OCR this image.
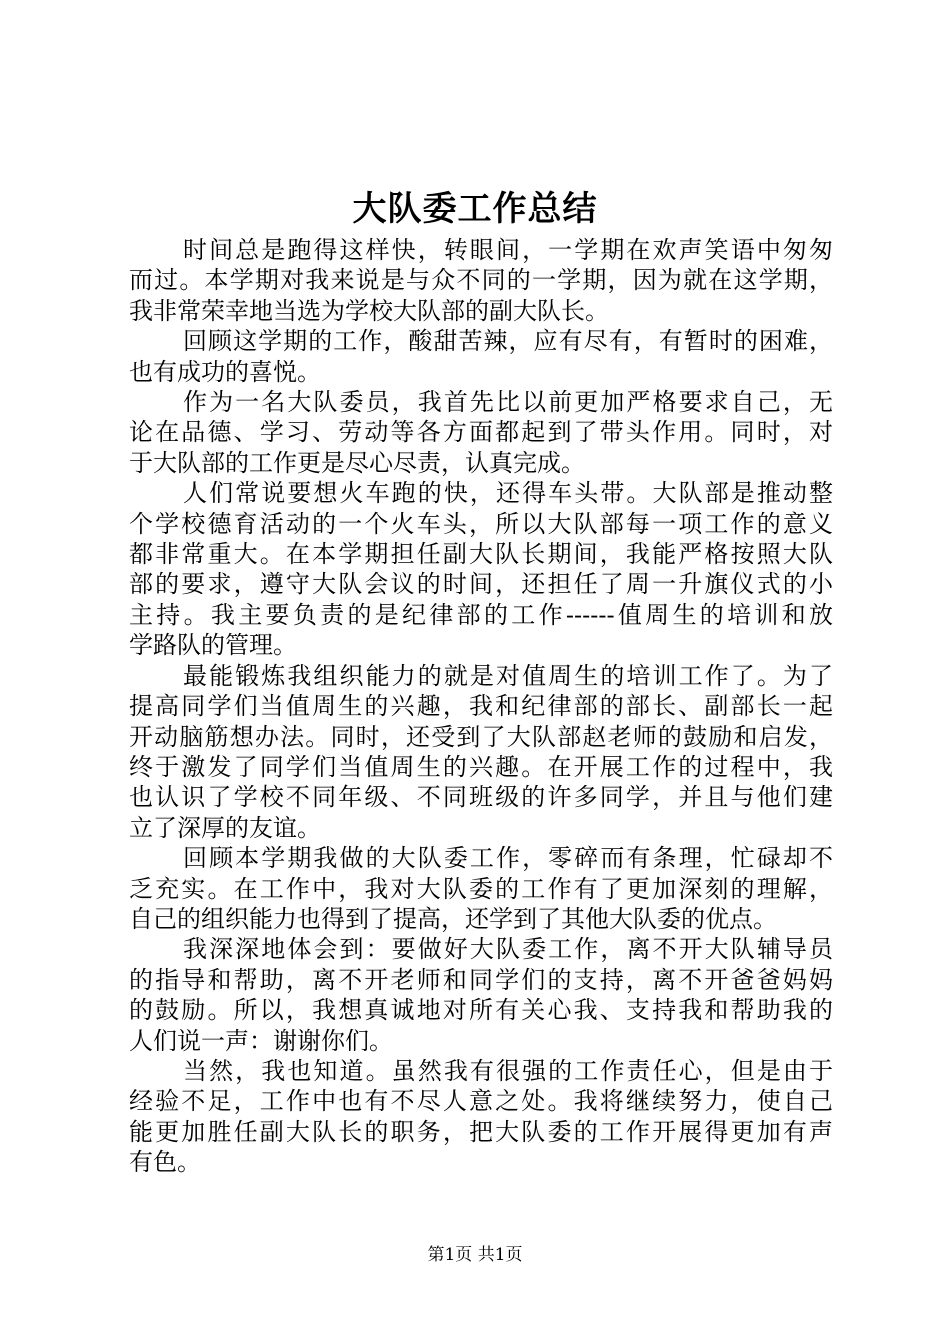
大队委工作总结
时间总是跑得这样快，转眼间，一学期在欢声笑语中匆匆
而过。本学期对我来说是与众不同的一学期，因为就在这学期，
我非常荣幸地当选为学校大队部的副大队长。
回顾这学期的工作，酸甜苦辣，应有尽有，有暂时的困难，
也有成功的喜悦。
作为一名大队委员，我首先比以前更加严格要求自己，无
论在品德、学习、劳动等各方面都起到了带头作用。同时，对
于大队部的工作更是尽心尽责，认真完成。
人们常说要想火车跑的快，还得车头带。大队部是推动整
个学校德育活动的一个火车头，所以大队部每一项工作的意义
都非常重大。在本学期担任副大队长期间，我能严格按照大队
部的要求，遵守大队会议的时间，还担任了周一升旗仪式的小
主持。我主要负责的是纪律部的工作------值周生的培训和放
学路队的管理。
最能锻炼我组织能力的就是对值周生的培训工作了。为了
提高同学们当值周生的兴趣，我和纪律部的部长、副部长一起
开动脑筋想办法。同时，还受到了大队部赵老师的鼓励和启发，
终于激发了同学们当值周生的兴趣。在开展工作的过程中，我
也认识了学校不同年级、不同班级的许多同学，并且与他们建
立了深厚的友谊。
回顾本学期我做的大队委工作，零碎而有条理，忙碌却不
乏充实。在工作中，我对大队委的工作有了更加深刻的理解，
自己的组织能力也得到了提高，还学到了其他大队委的优点。
我深深地体会到：要做好大队委工作，离不开大队辅导员
的指导和帮助，离不开老师和同学们的支持，离不开爸爸妈妈
的鼓励。所以，我想真诚地对所有关心我、支持我和帮助我的
人们说一声：谢谢你们。
当然，我也知道。虽然我有很强的工作责任心，但是由于
经验不足，工作中也有不尽人意之处。我将继续努力，使自己
能更加胜任副大队长的职务，把大队委的工作开展得更加有声
有色。
第1页 共1页
